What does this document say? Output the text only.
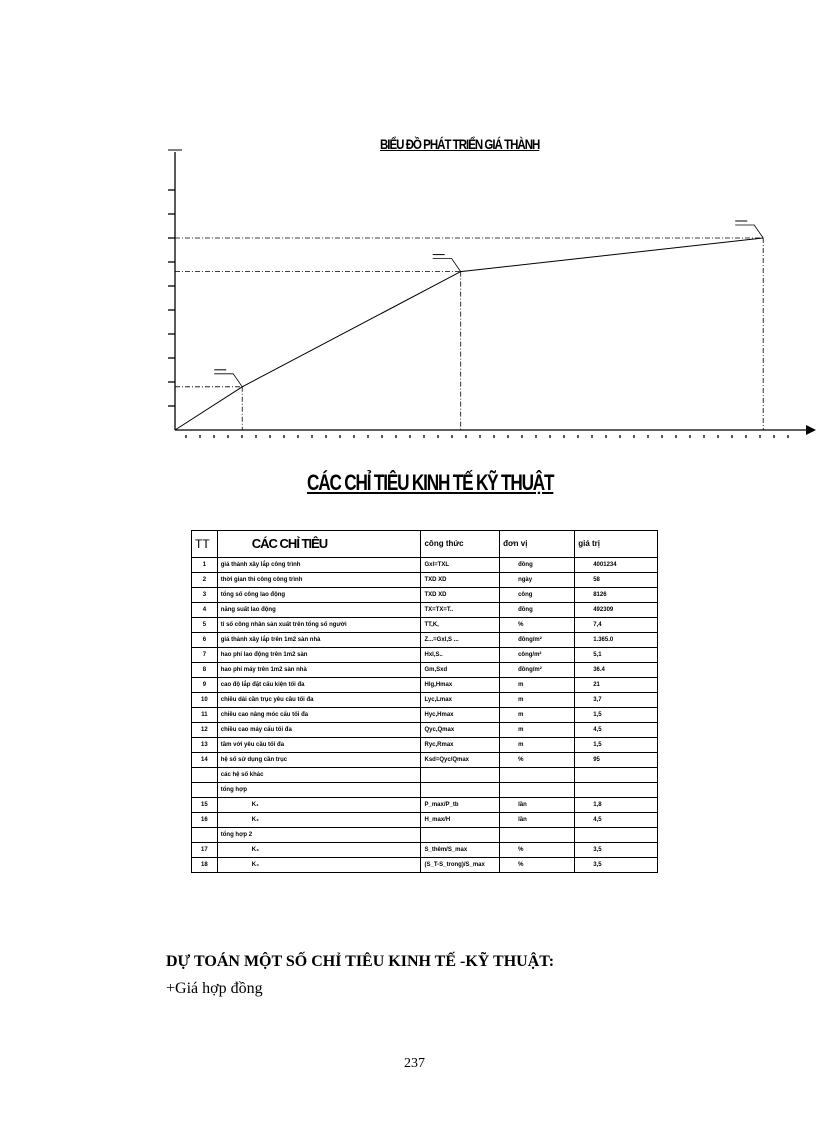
BIỂU ĐỒ PHÁT TRIỂN GIÁ THÀNH
CÁC CHỈ TIÊU KINH TẾ KỸ THUẬT
TT	CÁC CHỈ TIÊU	công thức	đơn vị	giá trị
1	giá thành xây lắp công trình	Gxl=TXL	đồng	4001234
2	thời gian thi công công trình	TXD XD	ngày	58
3	tổng số công lao động	TXD XD	công	8126
4	năng suất lao động	TX=TX=T..	đồng	492309
5	tỉ số công nhân sản xuất trên tổng số người	TT,K,	%	7,4
6	giá thành xây lắp trên 1m2 sàn nhà	Z...=Gxl,S ...	đồng/m²	1.365.0
7	hao phí lao động trên 1m2 sàn	Hxl,S..	công/m²	5,1
8	hao phí máy trên 1m2 sàn nhà	Gm,Sxd	đồng/m²	36.4
9	cao độ lắp đặt cấu kiện tối đa	Hlg,Hmax	m	21
10	chiều dài cần trục yêu cầu tối đa	Lyc,Lmax	m	3,7
11	chiều cao nâng móc cẩu tối đa	Hyc,Hmax	m	1,5
12	chiều cao máy cẩu tối đa	Qyc,Qmax	m	4,5
13	tầm với yêu cầu tối đa	Ryc,Rmax	m	1,5
14	hệ số sử dụng cần trục	Ksd=Qyc/Qmax	%	95
	các hệ số khác			
	tổng hợp			
15	K₁	P_max/P_tb	lần	1,8
16	K₂	H_max/H	lần	4,5
	tổng hợp 2			
17	K₃	S_thêm/S_max	%	3,5
18	K₄	(S_T-S_trong)/S_max	%	3,5
DỰ TOÁN MỘT SỐ CHỈ TIÊU KINH TẾ -KỸ THUẬT:
+Giá hợp đồng
237
